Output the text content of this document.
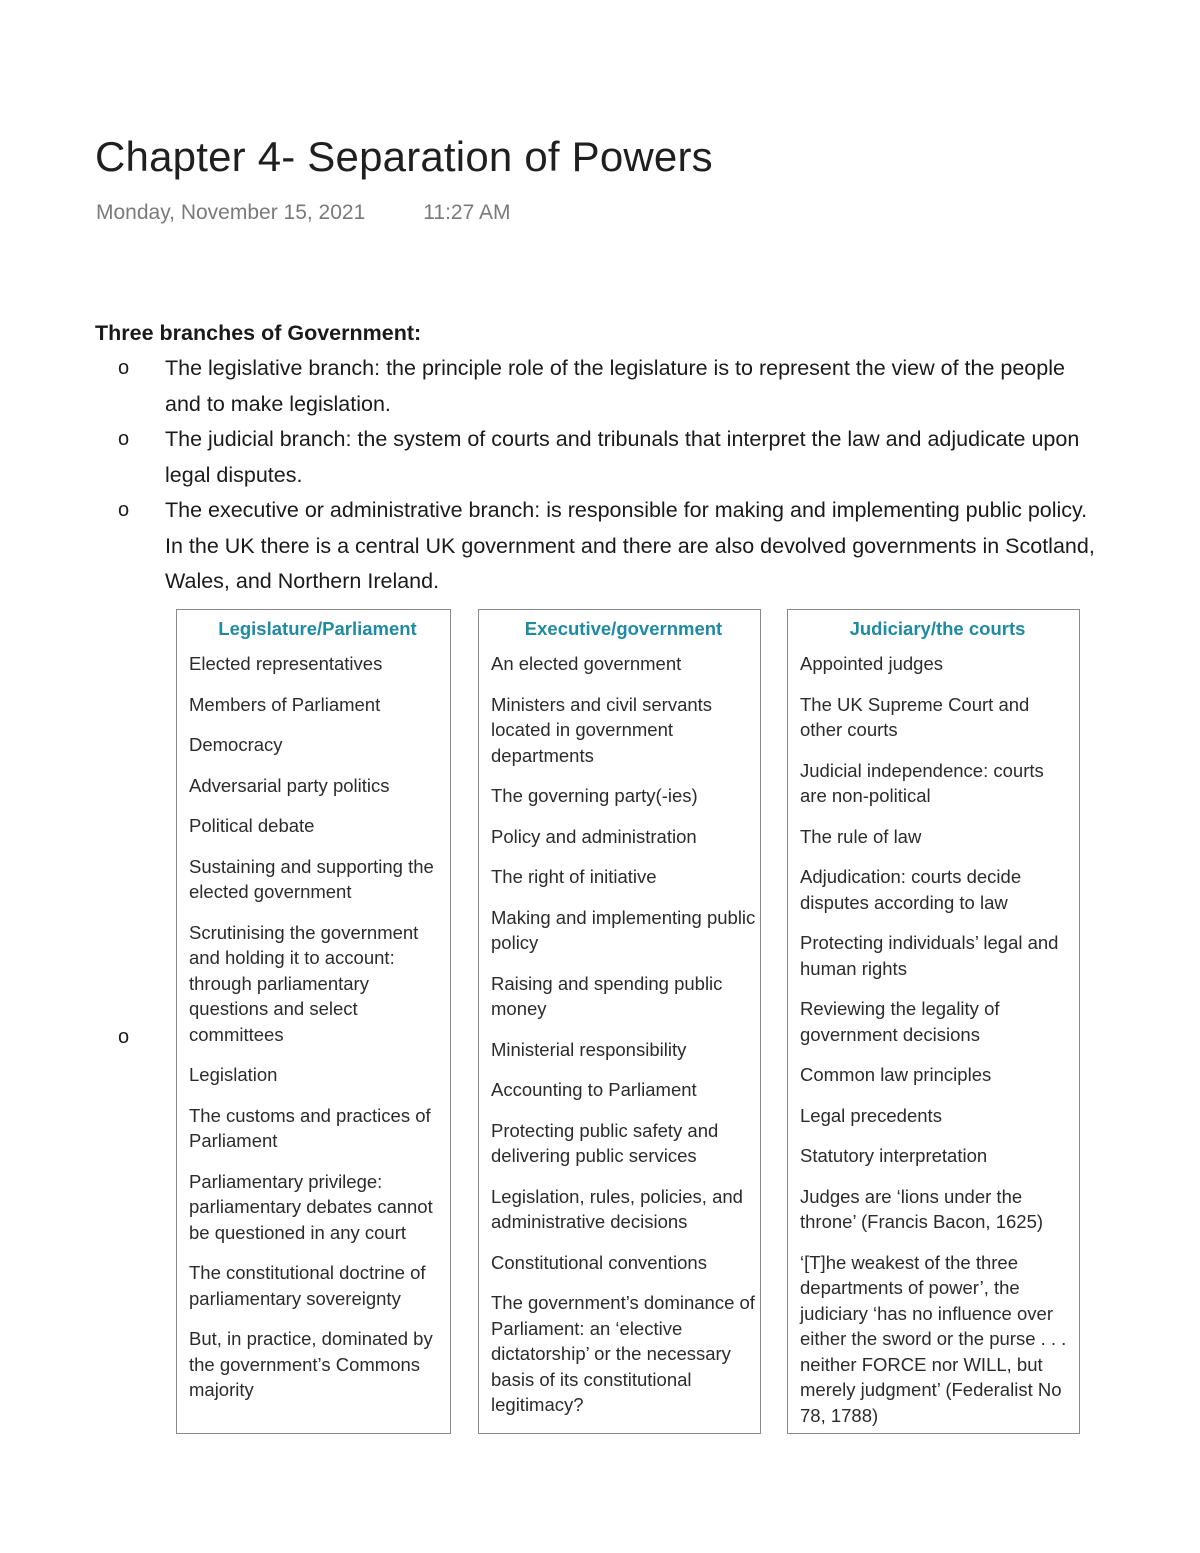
Chapter 4- Separation of Powers
Monday, November 15, 2021	11:27 AM
Three branches of Government:
o The legislative branch: the principle role of the legislature is to represent the view of the people and to make legislation.
o The judicial branch: the system of courts and tribunals that interpret the law and adjudicate upon legal disputes.
o The executive or administrative branch: is responsible for making and implementing public policy. In the UK there is a central UK government and there are also devolved governments in Scotland, Wales, and Northern Ireland.
o
Legislature/Parliament
Elected representatives
Members of Parliament
Democracy
Adversarial party politics
Political debate
Sustaining and supporting the elected government
Scrutinising the government and holding it to account: through parliamentary questions and select committees
Legislation
The customs and practices of Parliament
Parliamentary privilege: parliamentary debates cannot be questioned in any court
The constitutional doctrine of parliamentary sovereignty
But, in practice, dominated by the government’s Commons majority
Executive/government
An elected government
Ministers and civil servants located in government departments
The governing party(-ies)
Policy and administration
The right of initiative
Making and implementing public policy
Raising and spending public money
Ministerial responsibility
Accounting to Parliament
Protecting public safety and delivering public services
Legislation, rules, policies, and administrative decisions
Constitutional conventions
The government’s dominance of Parliament: an ‘elective dictatorship’ or the necessary basis of its constitutional legitimacy?
Judiciary/the courts
Appointed judges
The UK Supreme Court and other courts
Judicial independence: courts are non-political
The rule of law
Adjudication: courts decide disputes according to law
Protecting individuals’ legal and human rights
Reviewing the legality of government decisions
Common law principles
Legal precedents
Statutory interpretation
Judges are ‘lions under the throne’ (Francis Bacon, 1625)
‘[T]he weakest of the three departments of power’, the judiciary ‘has no influence over either the sword or the purse . . . neither FORCE nor WILL, but merely judgment’ (Federalist No 78, 1788)
